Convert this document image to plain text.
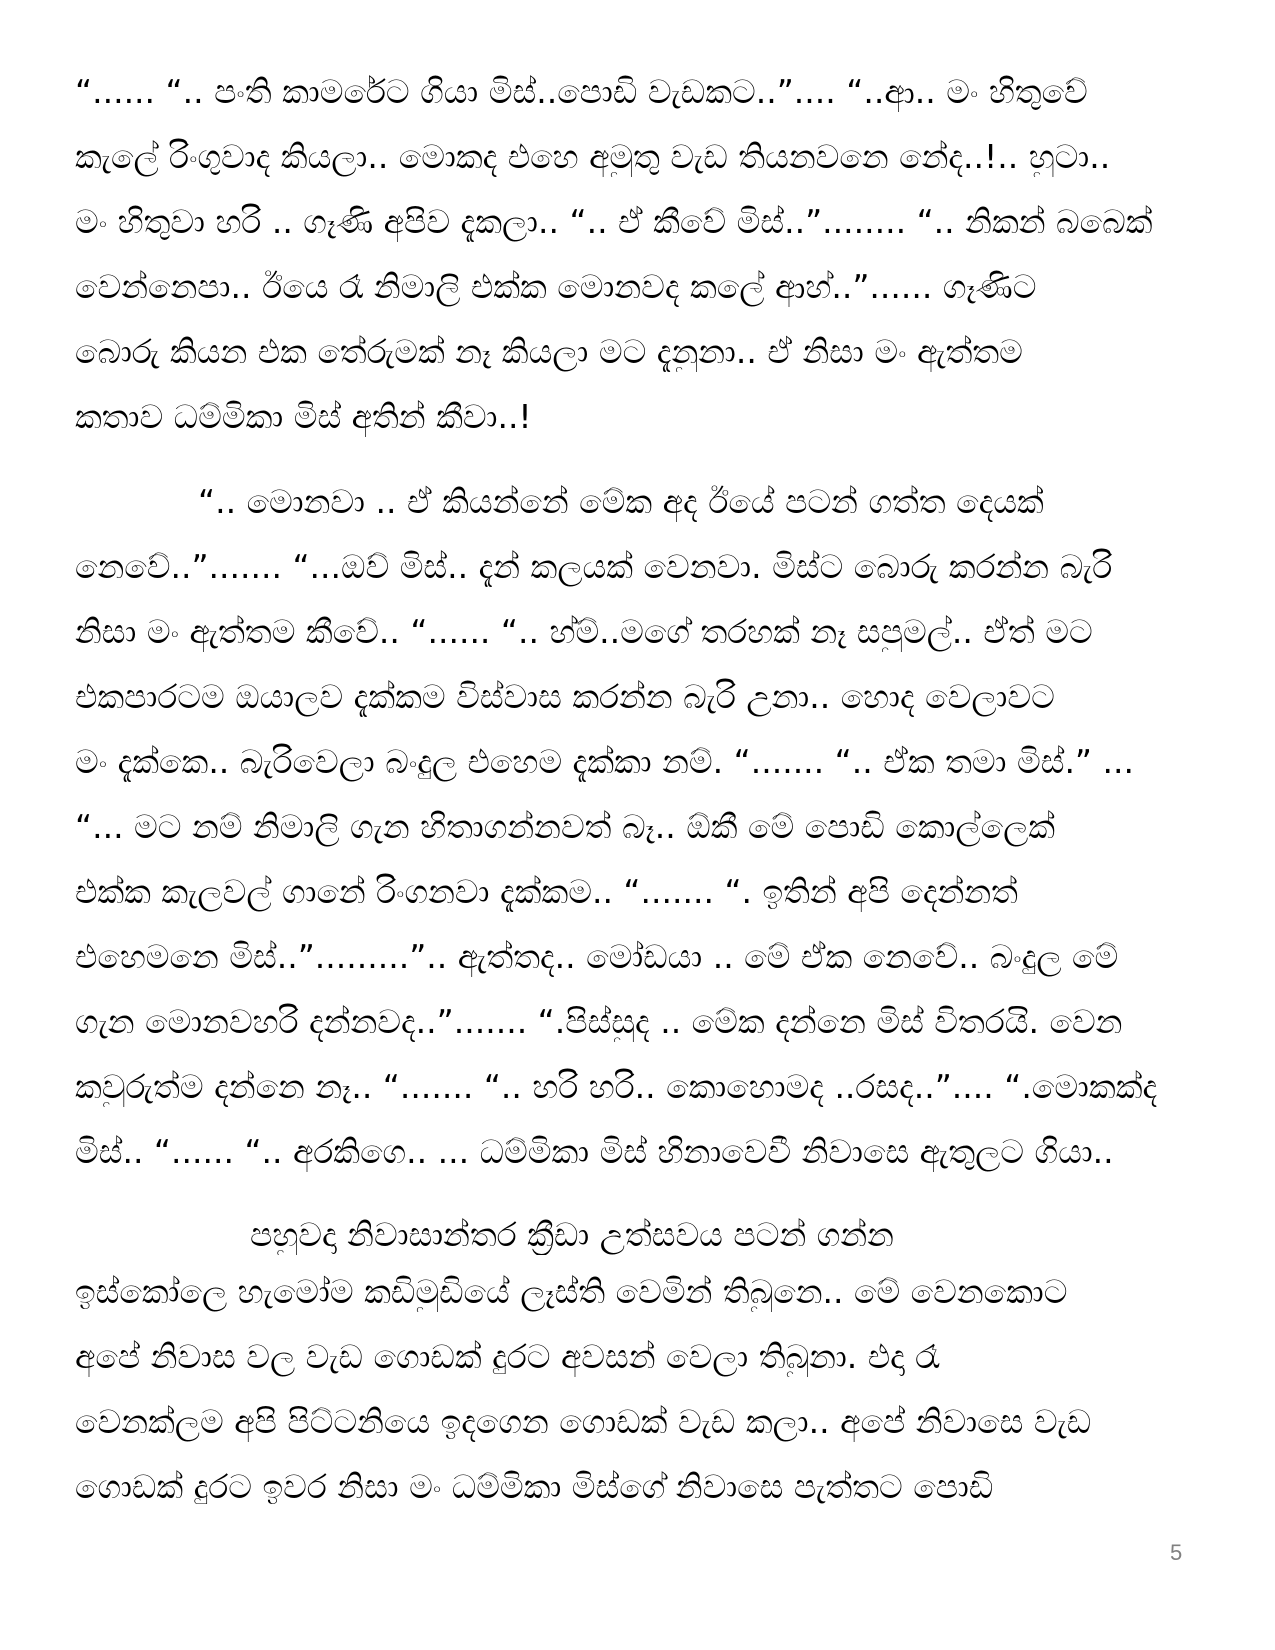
“...... “.. පංති කාමරේට ගියා මිස්..පොඩි වැඩකට..”.... “..ආ.. මං හිතුවේ
කැලේ රිංගුවාද කියලා.. මොකද එහෙ අමුතු වැඩ තියනවනෙ නේද..!.. හුටා..
මං හිතුවා හරි .. ගෑණි අපිව දැකලා.. “.. ඒ කීවේ මිස්..”........ “.. නිකන් බබෙක්
වෙන්නෙපා.. ඊයෙ රෑ නිමාලි එක්ක මොනවද කලේ ආහ්..”...... ගෑණිට
බොරු කියන එක තේරුමක් නෑ කියලා මට දැනුනා.. ඒ නිසා මං ඇත්තම
කතාව ධම්මිකා මිස් අතින් කීවා..!
“.. මොනවා .. ඒ කියන්නේ මේක අද ඊයේ පටන් ගත්ත දෙයක්
නෙවේ..”....... “...ඔව් මිස්.. දැන් කලයක් වෙනවා. මිස්ට බොරු කරන්න බැරි
නිසා මං ඇත්තම කීවේ.. “...... “.. හ්ම්..මගේ තරහක් නෑ සපුමල්.. ඒත් මට
එකපාරටම ඔයාලව දැක්කම විස්වාස කරන්න බැරි උනා.. හොද වෙලාවට
මං දැක්කෙ.. බැරිවෙලා බංදුල එහෙම දැක්කා නම්. “....... “.. ඒක තමා මිස්.” ...
“... මට නම් නිමාලි ගැන හිතාගන්නවත් බෑ.. ඕකී මේ පොඩි කොල්ලෙක්
එක්ක කැලවල් ගානේ රිංගනවා දැක්කම.. “....... “. ඉතින් අපි දෙන්නත්
එහෙමනෙ මිස්..”.........”.. ඇත්තද.. මෝඩයා .. මේ ඒක නෙවේ.. බංදුල මේ
ගැන මොනවහරි දන්නවද..”....... “.පිස්සුද .. මේක දන්නෙ මිස් විතරයි. වෙන
කවුරුත්ම දන්නෙ නෑ.. “....... “.. හරි හරි.. කොහොමද ..රසද..”.... “.මොකක්ද
මිස්.. “...... “.. අරකිගෙ.. ... ධම්මිකා මිස් හිනාවෙවී නිවාසෙ ඇතුලට ගියා..
පහුවදා නිවාසාන්තර ක්‍රීඩා උත්සවය පටන් ගන්න
ඉස්කෝලෙ හැමෝම කඩිමුඩියේ ලෑස්ති වෙමින් තිබුනෙ.. මේ වෙනකොට
අපේ නිවාස වල වැඩ ගොඩක් දුරට අවසන් වෙලා තිබුනා. එදා රෑ
වෙනක්ලම අපි පිට්ටනියෙ ඉදගෙන ගොඩක් වැඩ කලා.. අපේ නිවාසෙ වැඩ
ගොඩක් දුරට ඉවර නිසා මං ධම්මිකා මිස්ගේ නිවාසෙ පැත්තට පොඩි
5
